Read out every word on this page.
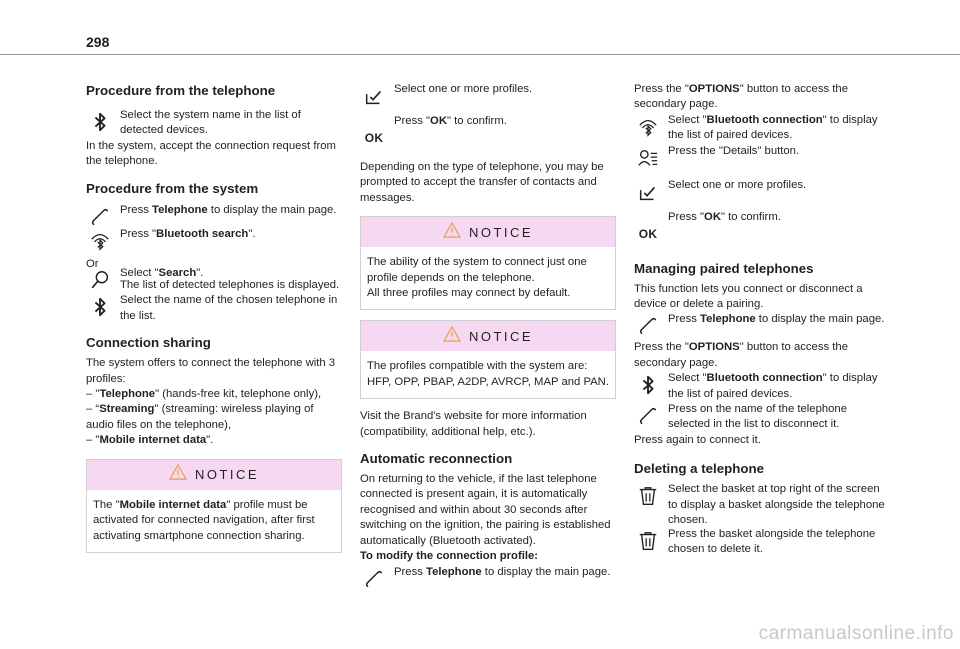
298
Procedure from the telephone

Select the system name in the list of detected devices.

In the system, accept the connection request from the telephone.

Procedure from the system

Press Telephone to display the main page.

Press "Bluetooth search".

Or

Select "Search".

The list of detected telephones is displayed.

Select the name of the chosen telephone in the list.

Connection sharing

The system offers to connect the telephone with 3 profiles:

– "Telephone" (hands-free kit, telephone only),

– “Streaming" (streaming: wireless playing of audio files on the telephone),

– "Mobile internet data".

NOTICE

The "Mobile internet data" profile must be activated for connected navigation, after first activating smartphone connection sharing.

Select one or more profiles.

OK

Press "OK" to confirm.

Depending on the type of telephone, you may be prompted to accept the transfer of contacts and messages.

NOTICE

The ability of the system to connect just one profile depends on the telephone.

All three profiles may connect by default.

NOTICE

The profiles compatible with the system are: HFP, OPP, PBAP, A2DP, AVRCP, MAP and PAN.

Visit the Brand's website for more information (compatibility, additional help, etc.).

Automatic reconnection

On returning to the vehicle, if the last telephone connected is present again, it is automatically recognised and within about 30 seconds after switching on the ignition, the pairing is established automatically (Bluetooth activated).

To modify the connection profile:

Press Telephone to display the main page.

Press the "OPTIONS" button to access the secondary page.

Select "Bluetooth connection" to display the list of paired devices.

Press the "Details" button.

Select one or more profiles.

OK

Press "OK" to confirm.

Managing paired telephones

This function lets you connect or disconnect a device or delete a pairing.

Press Telephone to display the main page.

Press the "OPTIONS" button to access the secondary page.

Select "Bluetooth connection" to display the list of paired devices.

Press on the name of the telephone selected in the list to disconnect it.

Press again to connect it.

Deleting a telephone

Select the basket at top right of the screen to display a basket alongside the telephone chosen.

Press the basket alongside the telephone chosen to delete it.

carmanualsonline.info
